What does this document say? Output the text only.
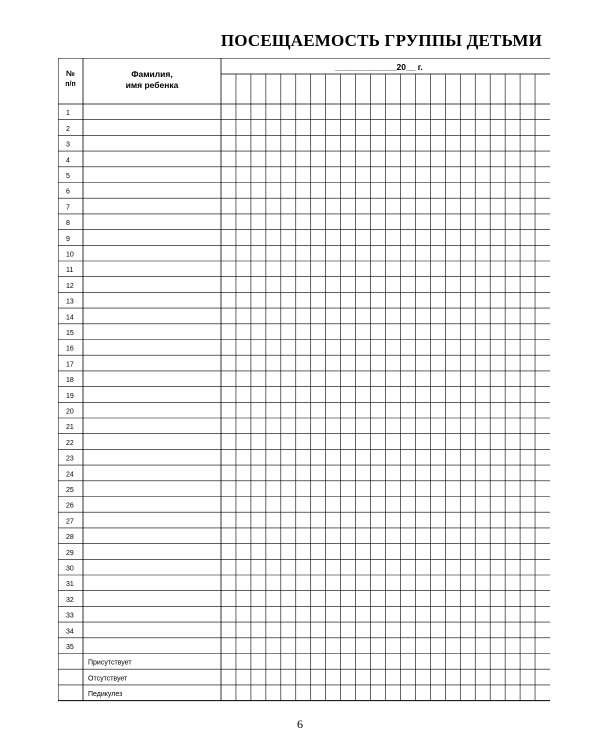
ПОСЕЩАЕМОСТЬ ГРУППЫ ДЕТЬМИ
№
п/п
Фамилия,
имя ребенка
_____________20__ г.
1
2
3
4
5
6
7
8
9
10
11
12
13
14
15
16
17
18
19
20
21
22
23
24
25
26
27
28
29
30
31
32
33
34
35
Присутствует
Отсутствует
Педикулез
6
